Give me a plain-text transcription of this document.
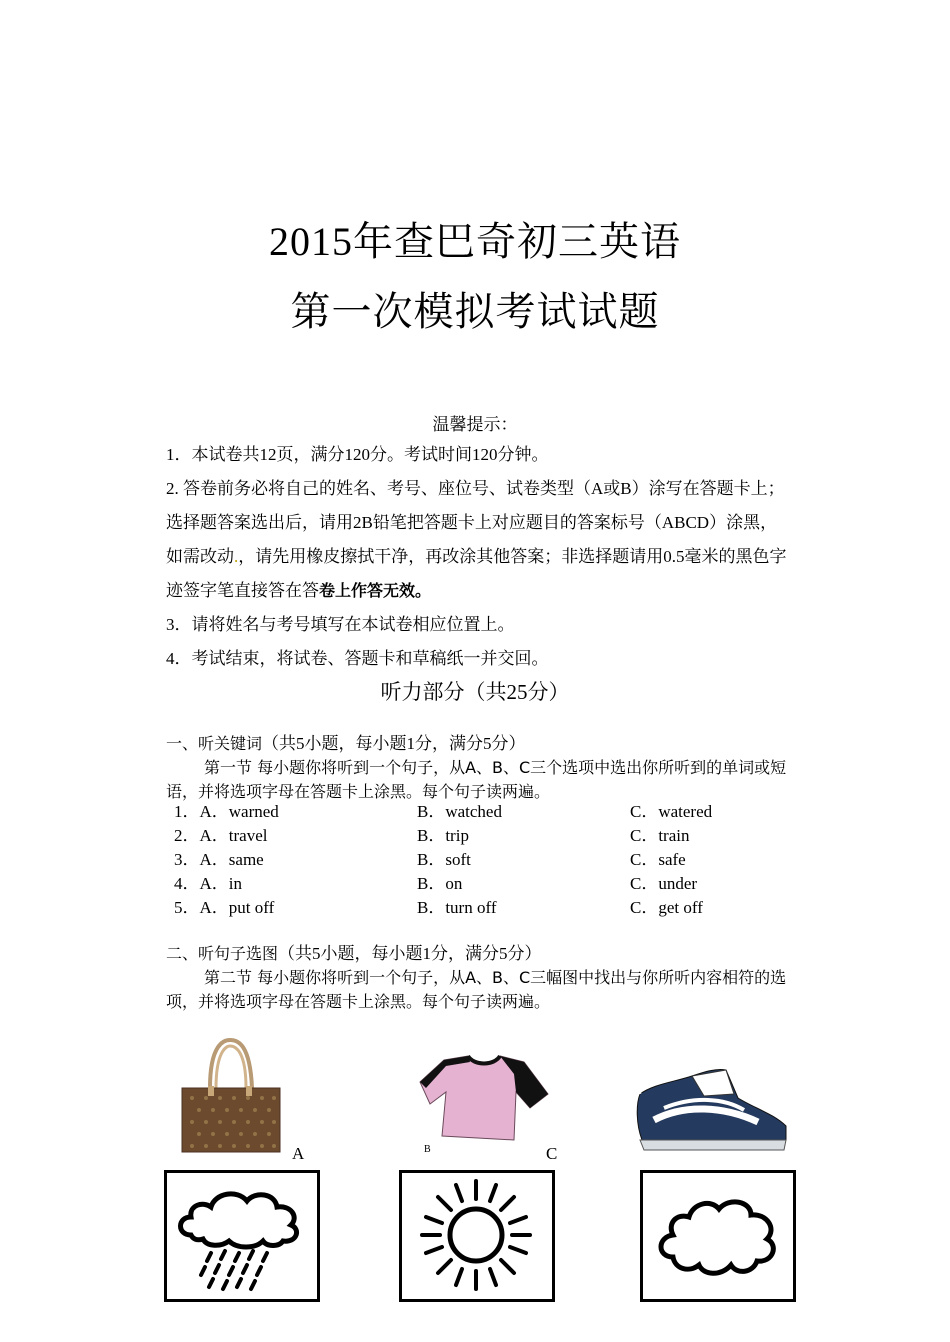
2015年查巴奇初三英语
第一次模拟考试试题
温馨提示：

1．本试卷共12页，满分120分。考试时间120分钟。

2. 答卷前务必将自己的姓名、考号、座位号、试卷类型（A或B）涂写在答题卡上；选择题答案选出后，请用2B铅笔把答题卡上对应题目的答案标号（ABCD）涂黑，如需改动.，请先用橡皮擦拭干净，再改涂其他答案；非选择题请用0.5毫米的黑色字迹签字笔直接答在答卷上作答无效。

3．请将姓名与考号填写在本试卷相应位置上。

4．考试结束，将试卷、答题卡和草稿纸一并交回。

听力部分（共25分）

一、听关键词（共5小题，每小题1分，满分5分）

第一节 每小题你将听到一个句子，从A、B、C三个选项中选出你所听到的单词或短语，并将选项字母在答题卡上涂黑。每个句子读两遍。

1．A．warned	B．watched	C．watered
2．A．travel	B．trip	C．train
3．A．same	B．soft	C．safe
4．A．in	B．on	C．under
5．A．put off	B．turn off	C．get off

二、听句子选图（共5小题，每小题1分，满分5分）

第二节 每小题你将听到一个句子，从A、B、C三幅图中找出与你所听内容相符的选项，并将选项字母在答题卡上涂黑。每个句子读两遍。

A	B	C
